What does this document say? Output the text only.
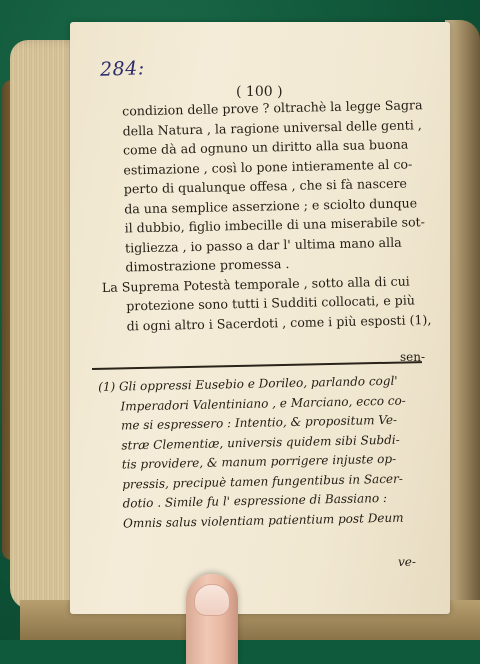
284:
( 100 )
condizion delle prove ? oltrachè la legge Sagra
della Natura , la ragione universal delle genti ,
come dà ad ognuno un diritto alla sua buona
estimazione , così lo pone intieramente al co-
perto di qualunque offesa , che si fà nascere
da una semplice asserzione ; e sciolto dunque
il dubbio, figlio imbecille di una miserabile sot-
tigliezza , io passo a dar l' ultima mano alla
dimostrazione promessa .
La Suprema Potestà temporale , sotto alla di cui
protezione sono tutti i Sudditi collocati, e più
di ogni altro i Sacerdoti , come i più esposti (1),
sen-
(1) Gli oppressi Eusebio e Dorileo, parlando cogl'
Imperadori Valentiniano , e Marciano, ecco co-
me si espressero : Intentio, & propositum Ve-
stræ Clementiæ, universis quidem sibi Subdi-
tis providere, & manum porrigere injuste op-
pressis, precipuè tamen fungentibus in Sacer-
dotio . Simile fu l' espressione di Bassiano :
Omnis salus violentiam patientium post Deum
ve-
